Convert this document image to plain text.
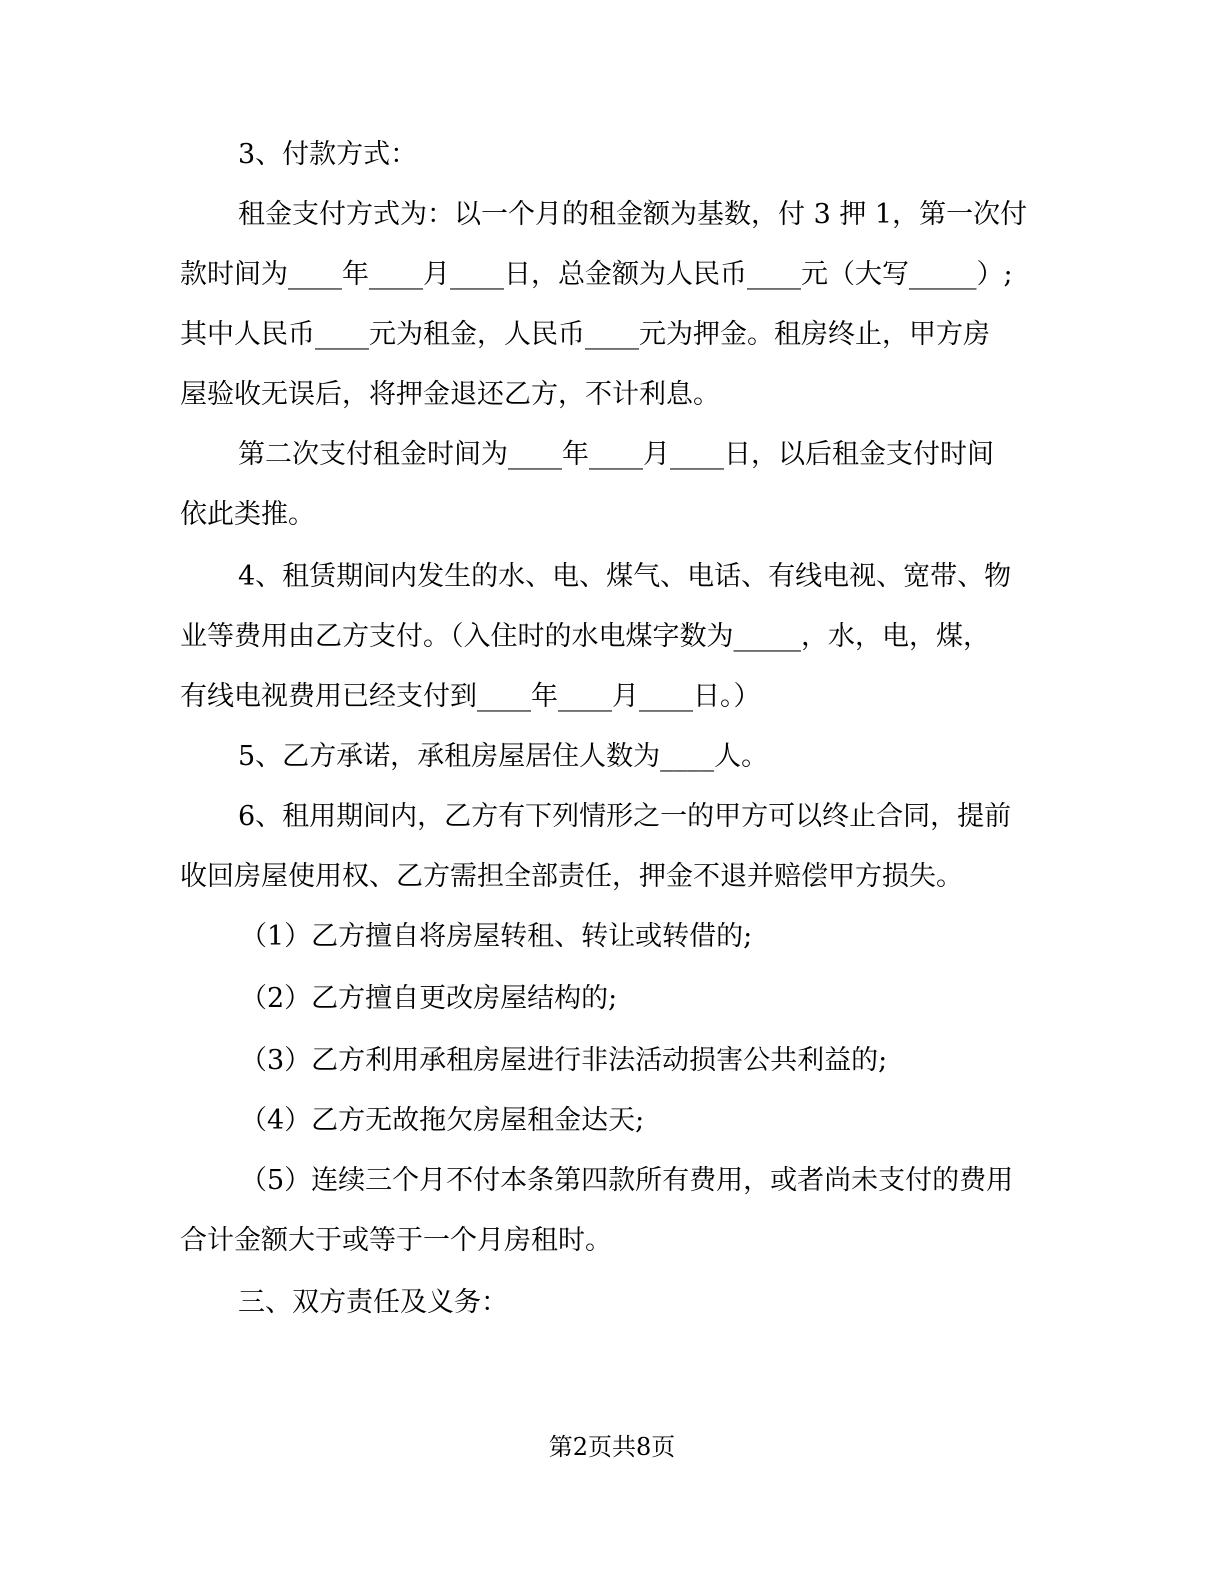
3、付款方式：
租金支付方式为：以一个月的租金额为基数，付 3 押 1，第一次付
款时间为____年____月____日，总金额为人民币____元（大写_____）;
其中人民币____元为租金，人民币____元为押金。租房终止，甲方房
屋验收无误后，将押金退还乙方，不计利息。
第二次支付租金时间为____年____月____日，以后租金支付时间
依此类推。
4、租赁期间内发生的水、电、煤气、电话、有线电视、宽带、物
业等费用由乙方支付。（入住时的水电煤字数为_____，水，电，煤，
有线电视费用已经支付到____年____月____日。）
5、乙方承诺，承租房屋居住人数为____人。
6、租用期间内，乙方有下列情形之一的甲方可以终止合同，提前
收回房屋使用权、乙方需担全部责任，押金不退并赔偿甲方损失。
（1）乙方擅自将房屋转租、转让或转借的;
（2）乙方擅自更改房屋结构的;
（3）乙方利用承租房屋进行非法活动损害公共利益的;
（4）乙方无故拖欠房屋租金达天;
（5）连续三个月不付本条第四款所有费用，或者尚未支付的费用
合计金额大于或等于一个月房租时。
三、双方责任及义务：
第2页共8页
